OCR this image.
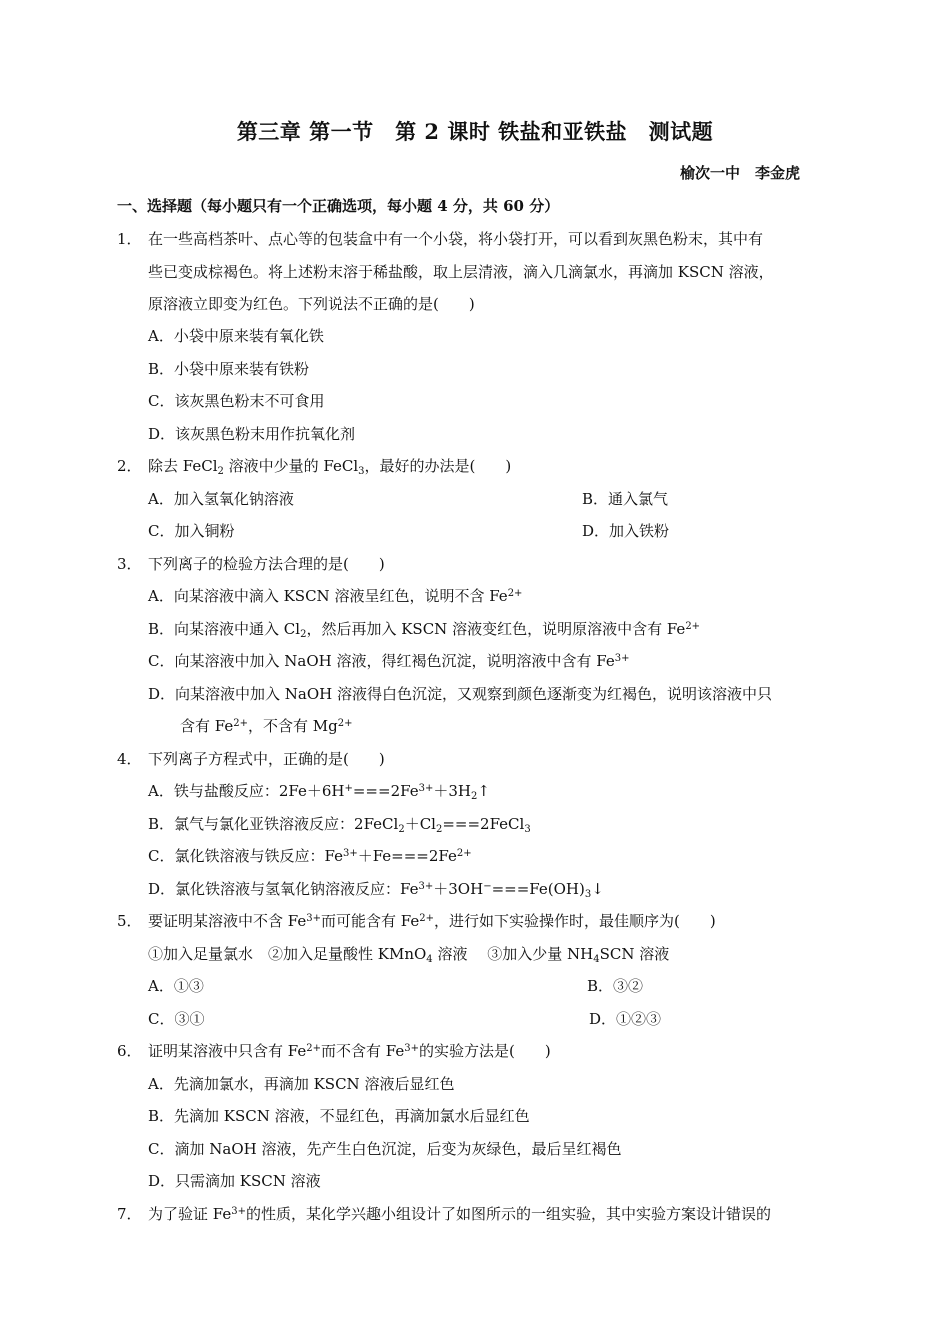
第三章 第一节　第 2 课时 铁盐和亚铁盐　测试题
榆次一中　李金虎
一、选择题（每小题只有一个正确选项，每小题 4 分，共 60 分）
1． 在一些高档茶叶、点心等的包装盒中有一个小袋，将小袋打开，可以看到灰黑色粉末，其中有
些已变成棕褐色。将上述粉末溶于稀盐酸，取上层清液，滴入几滴氯水，再滴加 KSCN 溶液，
原溶液立即变为红色。下列说法不正确的是(　　)
A．小袋中原来装有氧化铁
B．小袋中原来装有铁粉
C．该灰黑色粉末不可食用
D．该灰黑色粉末用作抗氧化剂
2． 除去 FeCl$_2$ 溶液中少量的 FeCl$_3$，最好的办法是(　　)
A．加入氢氧化钠溶液	B．通入氯气
C．加入铜粉	D．加入铁粉
3． 下列离子的检验方法合理的是(　　)
A．向某溶液中滴入 KSCN 溶液呈红色，说明不含 $Fe^{2+}$
B．向某溶液中通入 $Cl_2$，然后再加入 KSCN 溶液变红色，说明原溶液中含有 $Fe^{2+}$
C．向某溶液中加入 NaOH 溶液，得红褐色沉淀，说明溶液中含有 $Fe^{3+}$
D．向某溶液中加入 NaOH 溶液得白色沉淀，又观察到颜色逐渐变为红褐色，说明该溶液中只
含有 $Fe^{2+}$，不含有 $Mg^{2+}$
4． 下列离子方程式中，正确的是(　　)
A．铁与盐酸反应：$2Fe+6H^+===2Fe^{3+}+3H_2↑$
B．氯气与氯化亚铁溶液反应：$2FeCl_2+Cl_2===2FeCl_3$
C．氯化铁溶液与铁反应：$Fe^{3+}+Fe===2Fe^{2+}$
D．氯化铁溶液与氢氧化钠溶液反应：$Fe^{3+}+3OH^-===Fe(OH)_3↓$
5． 要证明某溶液中不含 $Fe^{3+}$而可能含有 $Fe^{2+}$，进行如下实验操作时，最佳顺序为(　　)
①加入足量氯水　②加入足量酸性 KMnO$_4$ 溶液　 ③加入少量 $NH_4SCN$ 溶液
A．①③	B．③②
C．③①	D．①②③
6． 证明某溶液中只含有 $Fe^{2+}$而不含有 $Fe^{3+}$的实验方法是(　　)
A．先滴加氯水，再滴加 KSCN 溶液后显红色
B．先滴加 KSCN 溶液，不显红色，再滴加氯水后显红色
C．滴加 NaOH 溶液，先产生白色沉淀，后变为灰绿色，最后呈红褐色
D．只需滴加 KSCN 溶液
7． 为了验证 $Fe^{3+}$的性质，某化学兴趣小组设计了如图所示的一组实验，其中实验方案设计错误的
